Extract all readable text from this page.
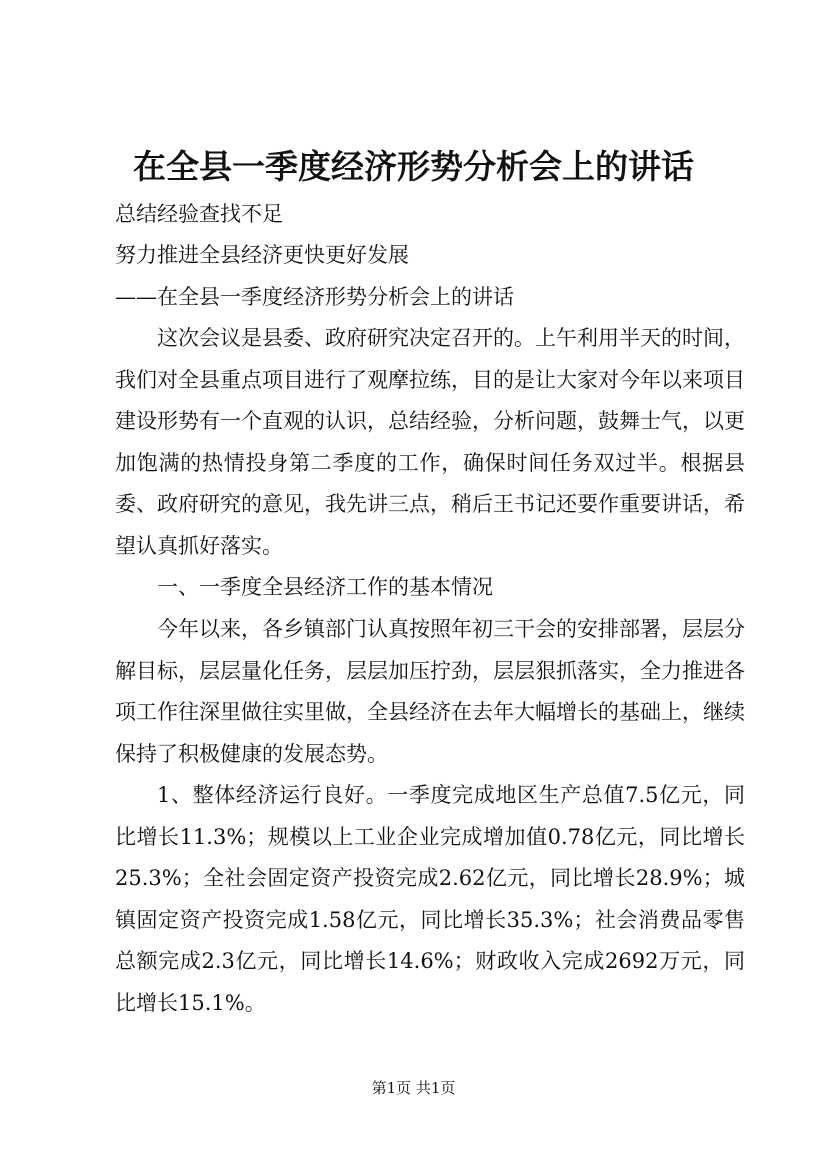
在全县一季度经济形势分析会上的讲话
总结经验查找不足
努力推进全县经济更快更好发展
——在全县一季度经济形势分析会上的讲话
这次会议是县委、政府研究决定召开的。上午利用半天的时间，我们对全县重点项目进行了观摩拉练，目的是让大家对今年以来项目建设形势有一个直观的认识，总结经验，分析问题，鼓舞士气，以更加饱满的热情投身第二季度的工作，确保时间任务双过半。根据县委、政府研究的意见，我先讲三点，稍后王书记还要作重要讲话，希望认真抓好落实。
一、一季度全县经济工作的基本情况
今年以来，各乡镇部门认真按照年初三干会的安排部署，层层分解目标，层层量化任务，层层加压拧劲，层层狠抓落实，全力推进各项工作往深里做往实里做，全县经济在去年大幅增长的基础上，继续保持了积极健康的发展态势。
1、整体经济运行良好。一季度完成地区生产总值7.5亿元，同比增长11.3%；规模以上工业企业完成增加值0.78亿元，同比增长25.3%；全社会固定资产投资完成2.62亿元，同比增长28.9%；城镇固定资产投资完成1.58亿元，同比增长35.3%；社会消费品零售总额完成2.3亿元，同比增长14.6%；财政收入完成2692万元，同比增长15.1%。
第1页 共1页
